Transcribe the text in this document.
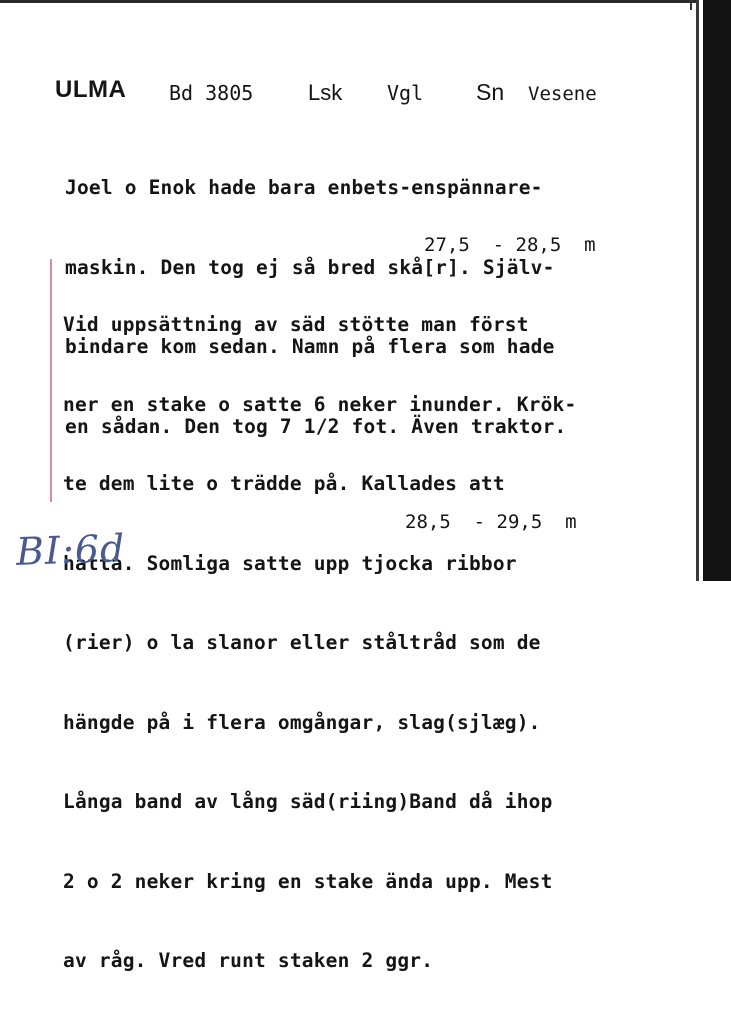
ULMA Bd 3805 Lsk Vgl Sn Vesene

Joel o Enok hade bara enbets-enspännare-

maskin. Den tog ej så bred skå[r]. Själv-

bindare kom sedan. Namn på flera som hade

en sådan. Den tog 7 1/2 fot. Även traktor.

27,5  - 28,5  m

Vid uppsättning av säd stötte man först

ner en stake o satte 6 neker inunder. Krök-

te dem lite o trädde på. Kallades att

hatta. Somliga satte upp tjocka ribbor

(rier) o la slanor eller ståltråd som de

hängde på i flera omgångar, slag(sjlæg).

Långa band av lång säd(riing)Band då ihop

2 o 2 neker kring en stake ända upp. Mest

av råg. Vred runt staken 2 ggr.

28,5  - 29,5  m
BI:6d
